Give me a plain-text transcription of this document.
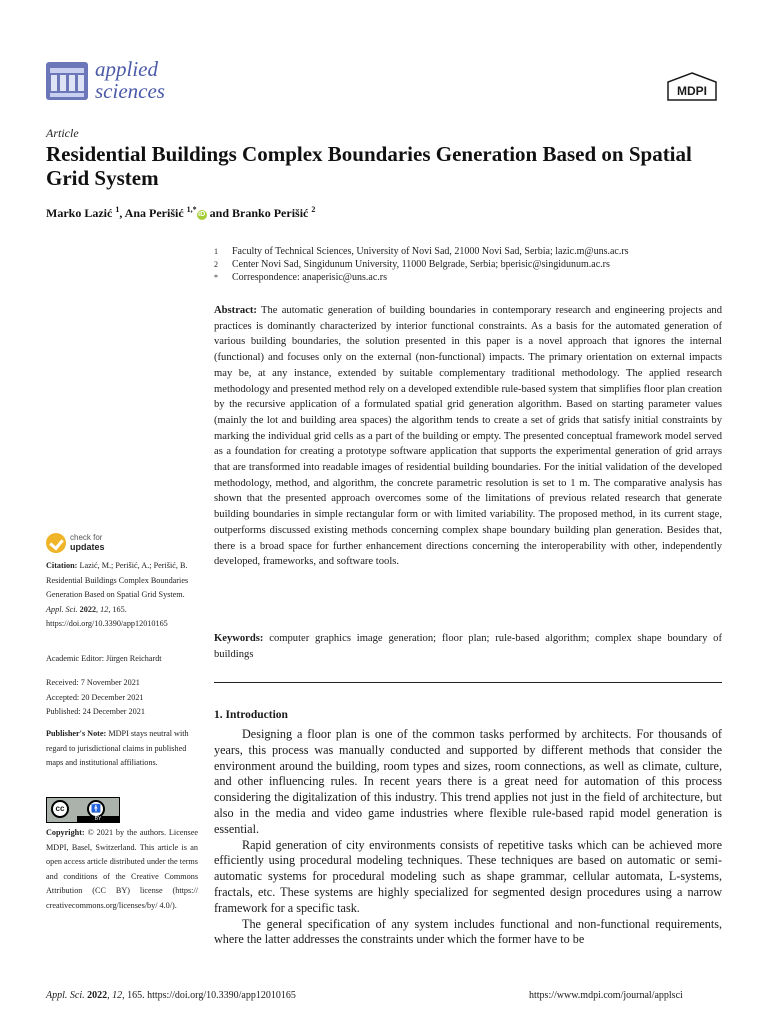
applied
sciences	MDPI
Article
Residential Buildings Complex Boundaries Generation Based on Spatial Grid System
Marko Lazić $^1$, Ana Perišić $^{1,*}$iD and Branko Perišić $^2$
1	Faculty of Technical Sciences, University of Novi Sad, 21000 Novi Sad, Serbia; lazic.m@uns.ac.rs
2	Center Novi Sad, Singidunum University, 11000 Belgrade, Serbia; bperisic@singidunum.ac.rs
*	Correspondence: anaperisic@uns.ac.rs
Abstract: The automatic generation of building boundaries in contemporary research and engineering projects and practices is dominantly characterized by interior functional constraints. As a basis for the automated generation of various building boundaries, the solution presented in this paper is a novel approach that ignores the internal (functional) and focuses only on the external (non-functional) impacts. The primary orientation on external impacts may be, at any instance, extended by suitable complementary traditional methodology. The applied research methodology and presented method rely on a developed extendible rule-based system that simplifies floor plan creation by the recursive application of a formulated spatial grid generation algorithm. Based on starting parameter values (mainly the lot and building area spaces) the algorithm tends to create a set of grids that satisfy initial constraints by marking the individual grid cells as a part of the building or empty. The presented conceptual framework model served as a foundation for creating a prototype software application that supports the experimental generation of grid arrays that are transformed into readable images of residential building boundaries. For the initial validation of the developed methodology, method, and algorithm, the concrete parametric resolution is set to 1 m. The comparative analysis has shown that the presented approach overcomes some of the limitations of previous related research that generate building boundaries in simple rectangular form or with limited variability. The proposed method, in its current stage, outperforms discussed existing methods concerning complex shape boundary building plan generation. Besides that, there is a broad space for further enhancement directions concerning the interoperability with other, independently developed, frameworks, and software tools.
Keywords: computer graphics image generation; floor plan; rule-based algorithm; complex shape boundary of buildings
1. Introduction

Designing a floor plan is one of the common tasks performed by architects. For thousands of years, this process was manually conducted and supported by different methods that consider the environment around the building, room types and sizes, room connections, as well as climate, culture, and other influencing rules. In recent years there is a great need for automation of this process considering the digitalization of this industry. This trend applies not just in the field of architecture, but also in the media and video game industries where flexible rule-based rapid model generation is essential.

Rapid generation of city environments consists of repetitive tasks which can be achieved more efficiently using procedural modeling techniques. These techniques are based on automatic or semi-automatic systems for procedural modeling such as shape grammar, cellular automata, L-systems, fractals, etc. These systems are highly specialized for segmented design procedures using a narrow framework for a specific task.

The general specification of any system includes functional and non-functional requirements, where the latter addresses the constraints under which the former have to be

check for
updates
Citation: Lazić, M.; Perišić, A.; Perišić, B. Residential Buildings Complex Boundaries Generation Based on Spatial Grid System. Appl. Sci. 2022, 12, 165. https://doi.org/10.3390/app12010165
Academic Editor: Jürgen Reichardt
Received: 7 November 2021
Accepted: 20 December 2021
Published: 24 December 2021
Publisher's Note: MDPI stays neutral with regard to jurisdictional claims in published maps and institutional affiliations.
cc	🚹
BY
Copyright: © 2021 by the authors. Licensee MDPI, Basel, Switzerland. This article is an open access article distributed under the terms and conditions of the Creative Commons Attribution (CC BY) license (https:// creativecommons.org/licenses/by/ 4.0/).
Appl. Sci. 2022, 12, 165. https://doi.org/10.3390/app12010165	https://www.mdpi.com/journal/applsci
